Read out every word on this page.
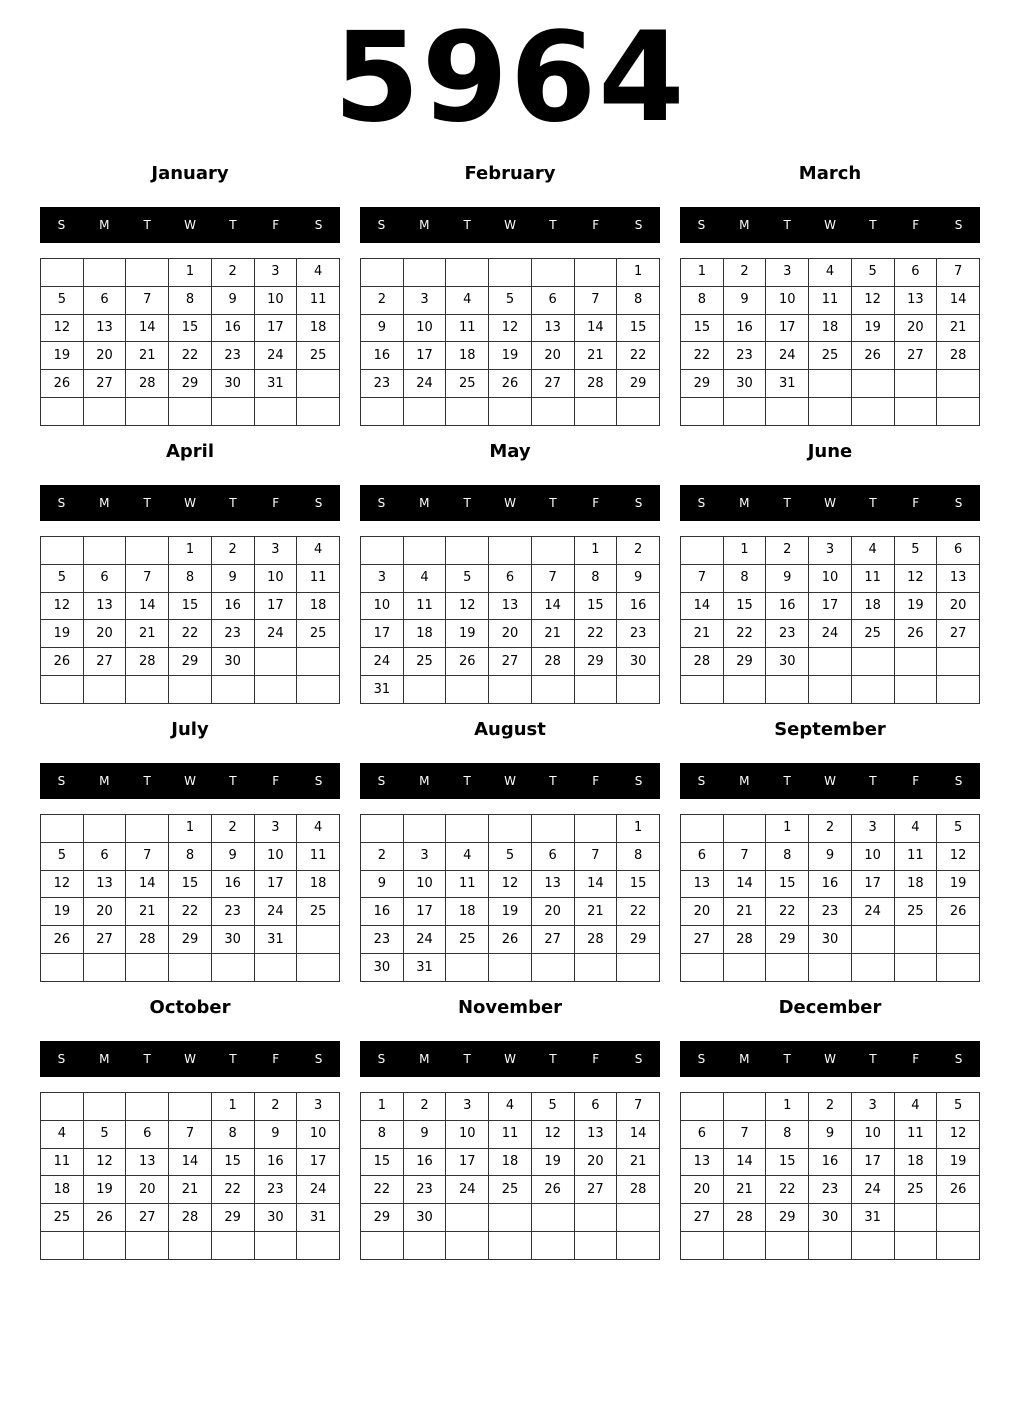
5964
January
S	M	T	W	T	F	S
			1	2	3	4
5	6	7	8	9	10	11
12	13	14	15	16	17	18
19	20	21	22	23	24	25
26	27	28	29	30	31	

February
S	M	T	W	T	F	S
						1
2	3	4	5	6	7	8
9	10	11	12	13	14	15
16	17	18	19	20	21	22
23	24	25	26	27	28	29

March
S	M	T	W	T	F	S
1	2	3	4	5	6	7
8	9	10	11	12	13	14
15	16	17	18	19	20	21
22	23	24	25	26	27	28
29	30	31				

April
S	M	T	W	T	F	S
			1	2	3	4
5	6	7	8	9	10	11
12	13	14	15	16	17	18
19	20	21	22	23	24	25
26	27	28	29	30		

May
S	M	T	W	T	F	S
					1	2
3	4	5	6	7	8	9
10	11	12	13	14	15	16
17	18	19	20	21	22	23
24	25	26	27	28	29	30
31						
June
S	M	T	W	T	F	S
	1	2	3	4	5	6
7	8	9	10	11	12	13
14	15	16	17	18	19	20
21	22	23	24	25	26	27
28	29	30				

July
S	M	T	W	T	F	S
			1	2	3	4
5	6	7	8	9	10	11
12	13	14	15	16	17	18
19	20	21	22	23	24	25
26	27	28	29	30	31	

August
S	M	T	W	T	F	S
						1
2	3	4	5	6	7	8
9	10	11	12	13	14	15
16	17	18	19	20	21	22
23	24	25	26	27	28	29
30	31					
September
S	M	T	W	T	F	S
		1	2	3	4	5
6	7	8	9	10	11	12
13	14	15	16	17	18	19
20	21	22	23	24	25	26
27	28	29	30			

October
S	M	T	W	T	F	S
				1	2	3
4	5	6	7	8	9	10
11	12	13	14	15	16	17
18	19	20	21	22	23	24
25	26	27	28	29	30	31

November
S	M	T	W	T	F	S
1	2	3	4	5	6	7
8	9	10	11	12	13	14
15	16	17	18	19	20	21
22	23	24	25	26	27	28
29	30					

December
S	M	T	W	T	F	S
		1	2	3	4	5
6	7	8	9	10	11	12
13	14	15	16	17	18	19
20	21	22	23	24	25	26
27	28	29	30	31		
